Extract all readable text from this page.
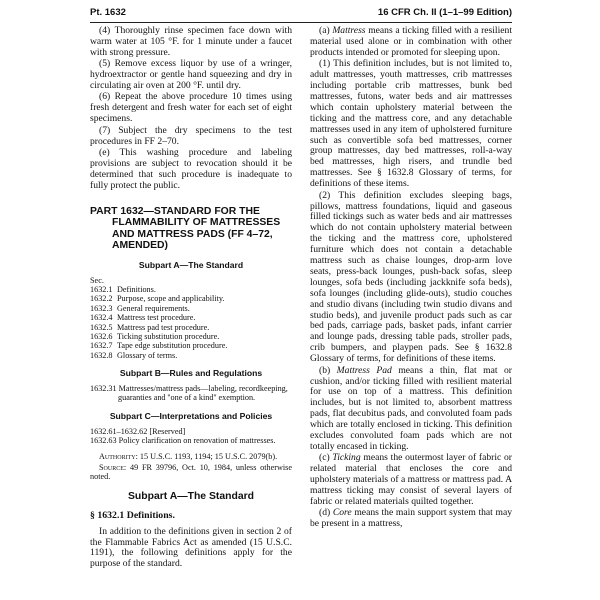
Pt. 1632	16 CFR Ch. II (1–1–99 Edition)

(4) Thoroughly rinse specimen face down with warm water at 105 °F. for 1 minute under a faucet with strong pressure.

(5) Remove excess liquor by use of a wringer, hydroextractor or gentle hand squeezing and dry in circulating air oven at 200 °F. until dry.

(6) Repeat the above procedure 10 times using fresh detergent and fresh water for each set of eight specimens.

(7) Subject the dry specimens to the test procedures in FF 2–70.

(e) This washing procedure and labeling provisions are subject to revocation should it be determined that such procedure is inadequate to fully protect the public.

PART 1632—STANDARD FOR THE FLAMMABILITY OF MATTRESSES AND MATTRESS PADS (FF 4–72, AMENDED)
Subpart A—The Standard
Sec.
1632.1 Definitions.
1632.2 Purpose, scope and applicability.
1632.3 General requirements.
1632.4 Mattress test procedure.
1632.5 Mattress pad test procedure.
1632.6 Ticking substitution procedure.
1632.7 Tape edge substitution procedure.
1632.8 Glossary of terms.
Subpart B—Rules and Regulations
1632.31 Mattresses/mattress pads—labeling, recordkeeping, guaranties and ''one of a kind'' exemption.
Subpart C—Interpretations and Policies
1632.61–1632.62 [Reserved]
1632.63 Policy clarification on renovation of mattresses.

Authority: 15 U.S.C. 1193, 1194; 15 U.S.C. 2079(b).

Source: 49 FR 39796, Oct. 10, 1984, unless otherwise noted.

Subpart A—The Standard
§ 1632.1 Definitions.

In addition to the definitions given in section 2 of the Flammable Fabrics Act as amended (15 U.S.C. 1191), the following definitions apply for the purpose of the standard.

(a) Mattress means a ticking filled with a resilient material used alone or in combination with other products intended or promoted for sleeping upon.

(1) This definition includes, but is not limited to, adult mattresses, youth mattresses, crib mattresses including portable crib mattresses, bunk bed mattresses, futons, water beds and air mattresses which contain upholstery material between the ticking and the mattress core, and any detachable mattresses used in any item of upholstered furniture such as convertible sofa bed mattresses, corner group mattresses, day bed mattresses, roll-a-way bed mattresses, high risers, and trundle bed mattresses. See § 1632.8 Glossary of terms, for definitions of these items.

(2) This definition excludes sleeping bags, pillows, mattress foundations, liquid and gaseous filled tickings such as water beds and air mattresses which do not contain upholstery material between the ticking and the mattress core, upholstered furniture which does not contain a detachable mattress such as chaise lounges, drop-arm love seats, press-back lounges, push-back sofas, sleep lounges, sofa beds (including jackknife sofa beds), sofa lounges (including glide-outs), studio couches and studio divans (including twin studio divans and studio beds), and juvenile product pads such as car bed pads, carriage pads, basket pads, infant carrier and lounge pads, dressing table pads, stroller pads, crib bumpers, and playpen pads. See § 1632.8 Glossary of terms, for definitions of these items.

(b) Mattress Pad means a thin, flat mat or cushion, and/or ticking filled with resilient material for use on top of a mattress. This definition includes, but is not limited to, absorbent mattress pads, flat decubitus pads, and convoluted foam pads which are totally enclosed in ticking. This definition excludes convoluted foam pads which are not totally encased in ticking.

(c) Ticking means the outermost layer of fabric or related material that encloses the core and upholstery materials of a mattress or mattress pad. A mattress ticking may consist of several layers of fabric or related materials quilted together.

(d) Core means the main support system that may be present in a mattress,
